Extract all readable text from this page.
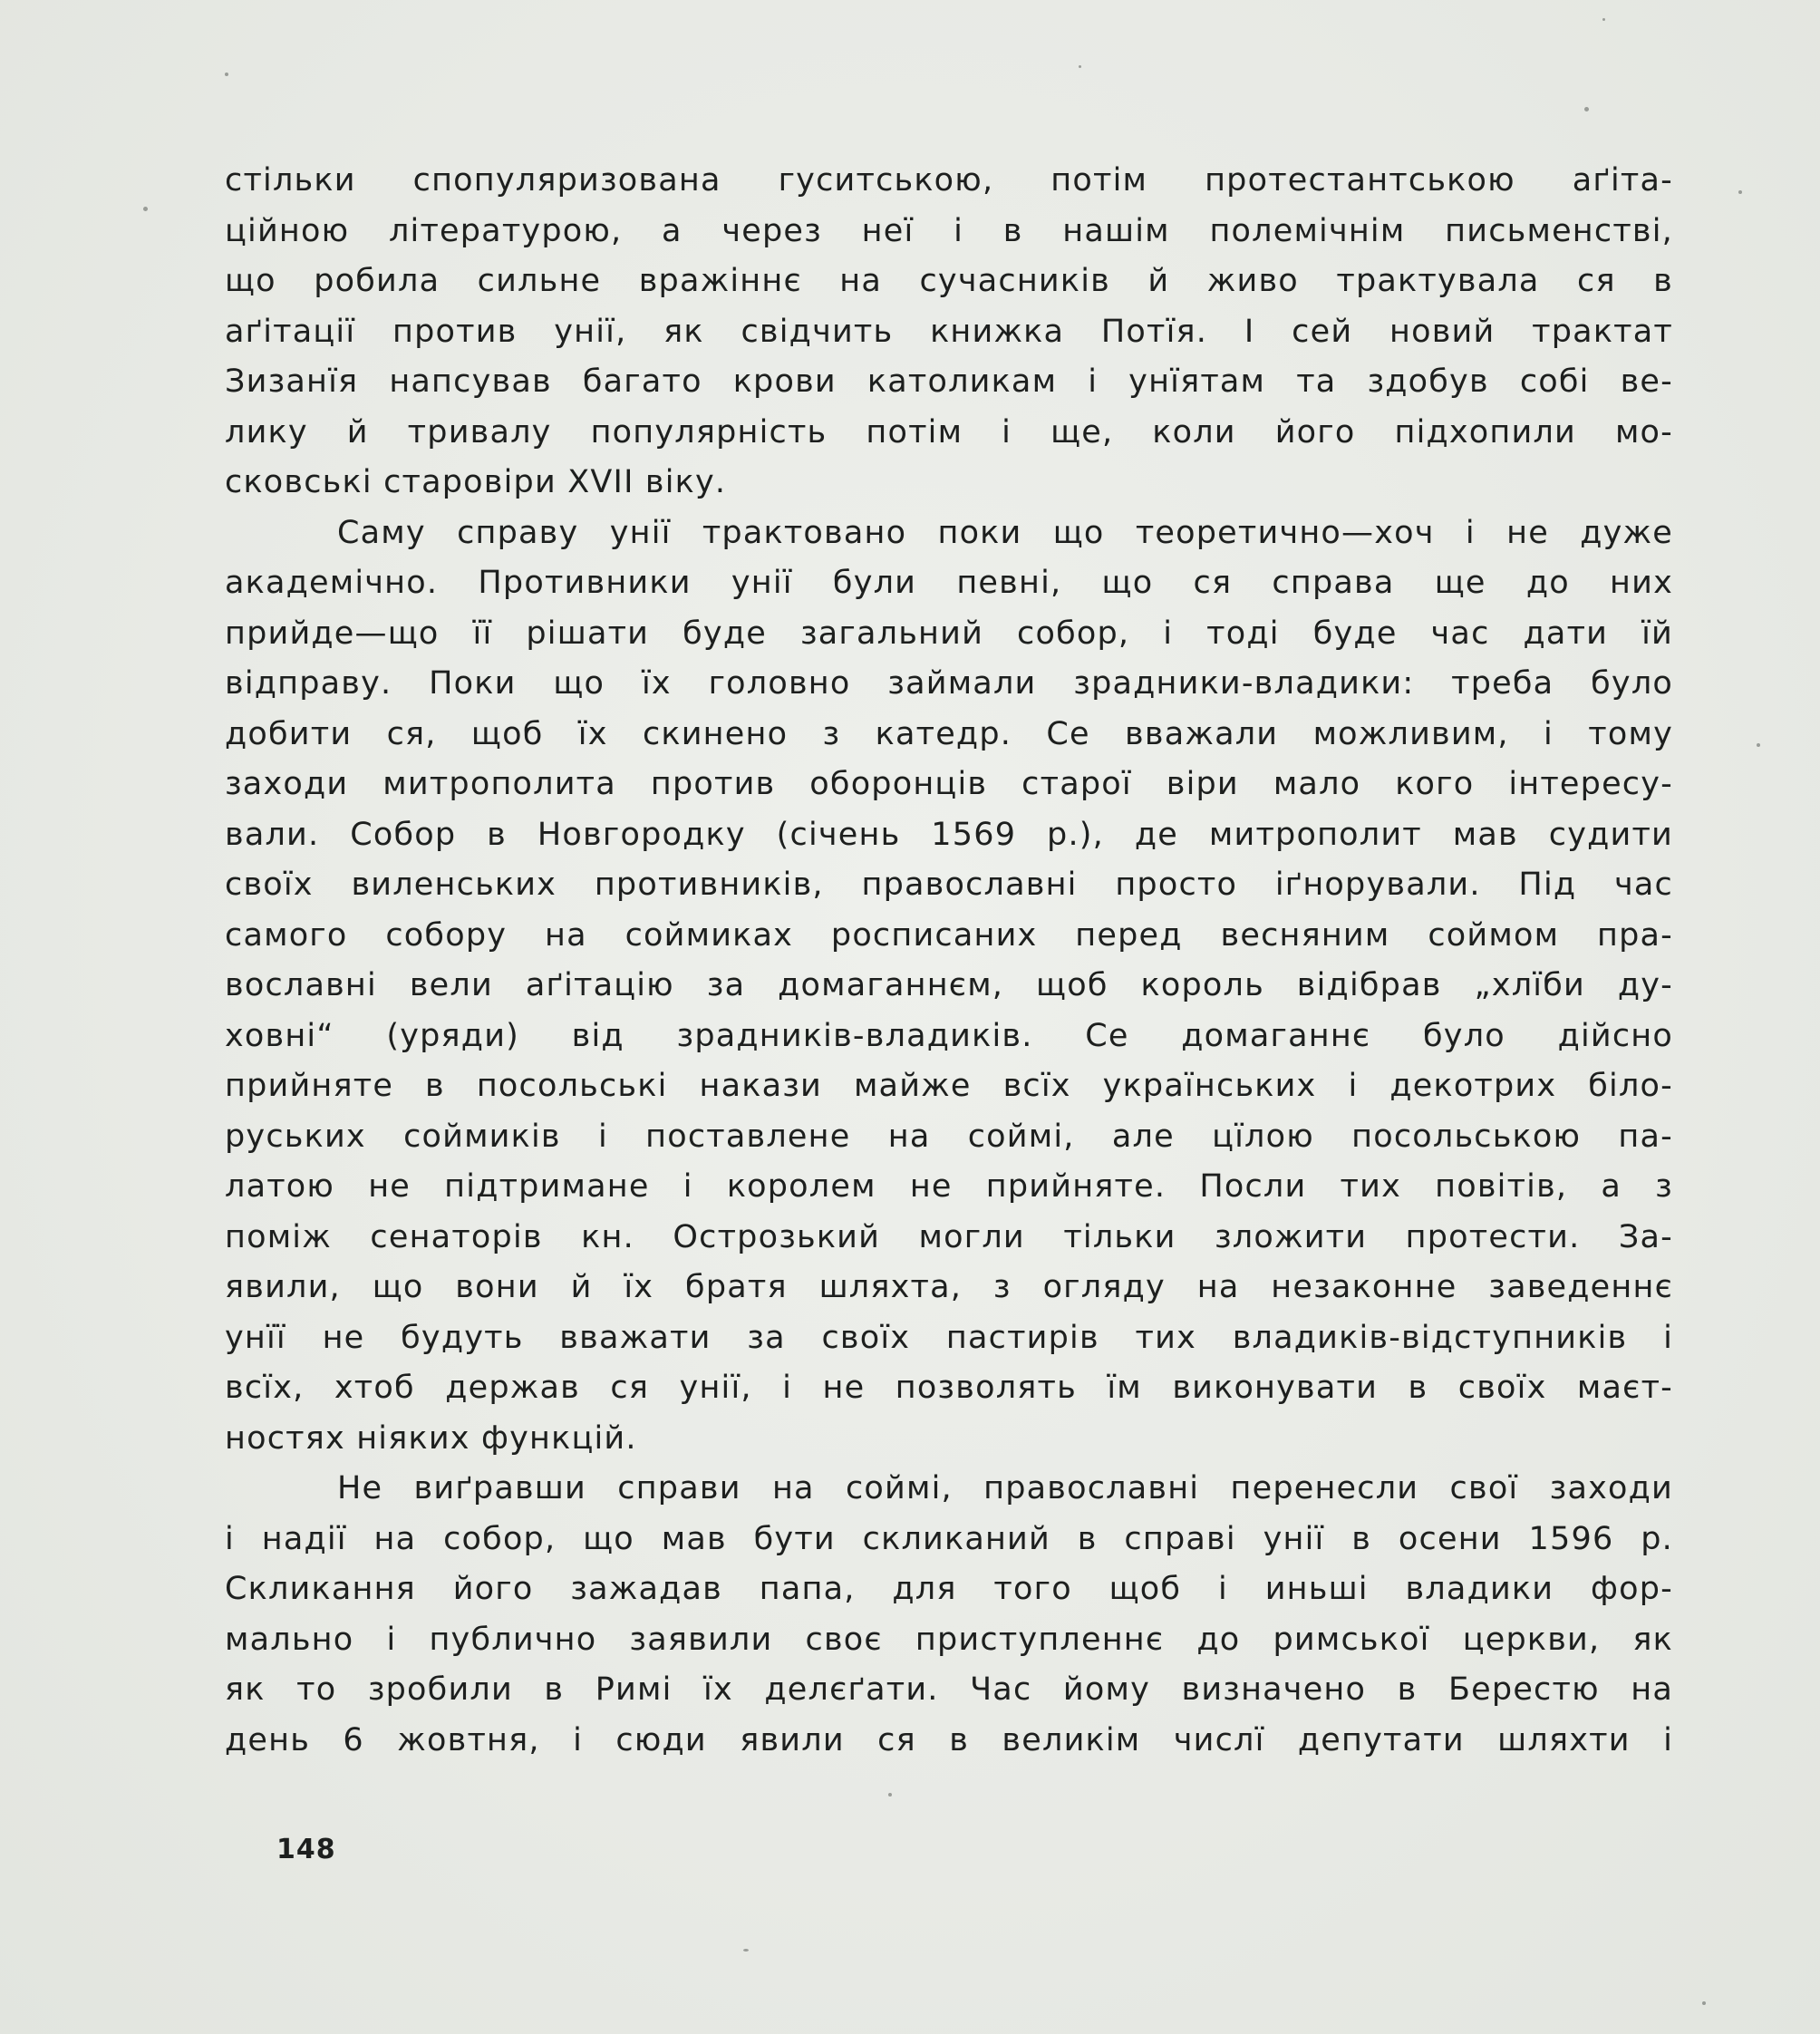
стільки спопуляризована гуситською, потім протестантською аґіта-
ційною літературою, а через неї і в нашім полемічнім письменстві,
що робила сильне вражіннє на сучасників й живо трактувала ся в
аґітації против унії, як свідчить книжка Потїя. І сей новий трактат
Зизанїя напсував багато крови католикам і унїятам та здобув собі ве-
лику й тривалу популярність потім і ще, коли його підхопили мо-
сковські старовіри XVII віку.
Саму справу унії трактовано поки що теоретично—хоч і не дуже
академічно. Противники унії були певні, що ся справа ще до них
прийде—що її рішати буде загальний собор, і тоді буде час дати їй
відправу. Поки що їх головно займали зрадники-владики: треба було
добити ся, щоб їх скинено з катедр. Се вважали можливим, і тому
заходи митрополита против оборонців старої віри мало кого інтересу-
вали. Собор в Новгородку (січень 1569 р.), де митрополит мав судити
своїх виленських противників, православні просто іґнорували. Під час
самого собору на соймиках росписаних перед весняним соймом пра-
вославні вели аґітацію за домаганнєм, щоб король відібрав „хлїби ду-
ховні“ (уряди) від зрадників-владиків. Се домаганнє було дійсно
прийняте в посольські накази майже всїх українських і декотрих біло-
руських соймиків і поставлене на соймі, але цїлою посольською па-
латою не підтримане і королем не прийняте. Посли тих повітів, а з
поміж сенаторів кн. Острозький могли тільки зложити протести. За-
явили, що вони й їх братя шляхта, з огляду на незаконне заведеннє
унїї не будуть вважати за своїх пастирів тих владиків-відступників і
всїх, хтоб держав ся унії, і не позволять їм виконувати в своїх маєт-
ностях ніяких функцій.
Не виґравши справи на соймі, православні перенесли свої заходи
і надії на собор, що мав бути скликаний в справі унії в осени 1596 р.
Скликання його зажадав папа, для того щоб і иньші владики фор-
мально і публично заявили своє приступленнє до римської церкви, як
як то зробили в Римі їх делєґати. Час йому визначено в Берестю на
день 6 жовтня, і сюди явили ся в великім числї депутати шляхти і
148
